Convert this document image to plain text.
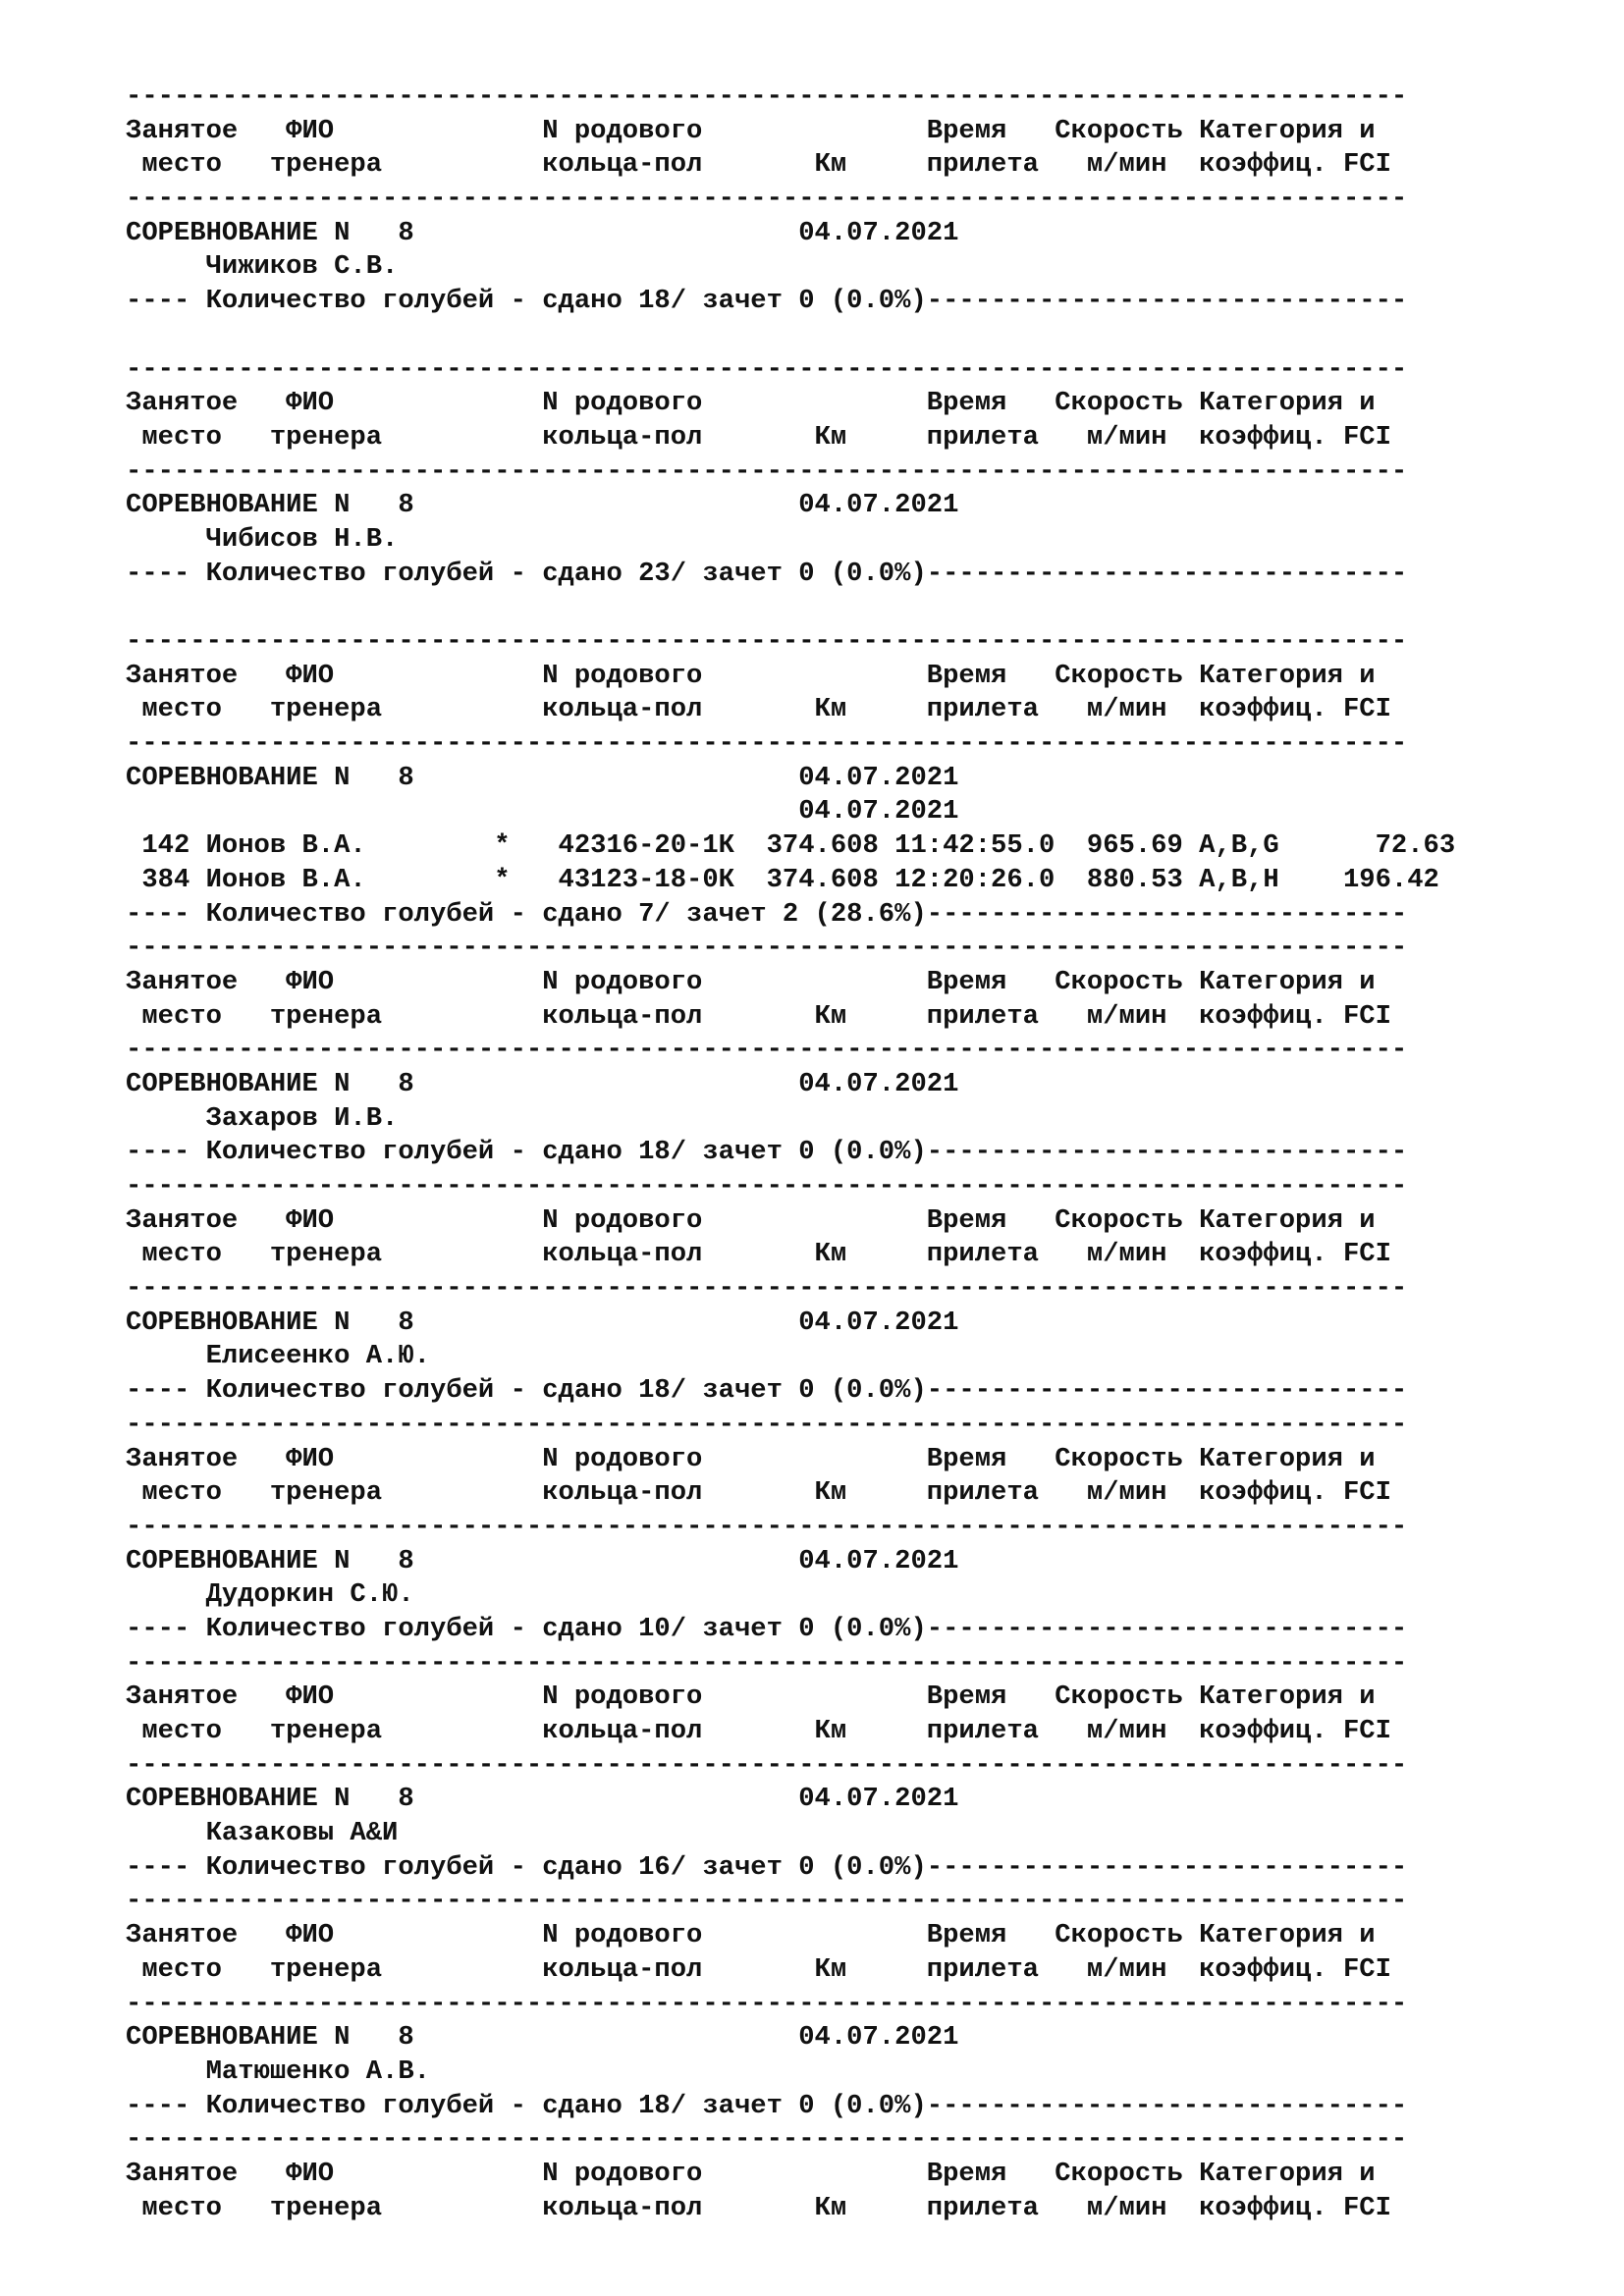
--------------------------------------------------------------------------------
Занятое   ФИО             N родового              Время   Скорость Категория и
место   тренера          кольца-пол       Км     прилета   м/мин  коэффиц. FCI
--------------------------------------------------------------------------------
СОРЕВНОВАНИЕ N   8                        04.07.2021
Чижиков С.В.
---- Количество голубей - сдано 18/ зачет 0 (0.0%)------------------------------
--------------------------------------------------------------------------------
Занятое   ФИО             N родового              Время   Скорость Категория и
место   тренера          кольца-пол       Км     прилета   м/мин  коэффиц. FCI
--------------------------------------------------------------------------------
СОРЕВНОВАНИЕ N   8                        04.07.2021
Чибисов Н.В.
---- Количество голубей - сдано 23/ зачет 0 (0.0%)------------------------------
--------------------------------------------------------------------------------
Занятое   ФИО             N родового              Время   Скорость Категория и
место   тренера          кольца-пол       Км     прилета   м/мин  коэффиц. FCI
--------------------------------------------------------------------------------
СОРЕВНОВАНИЕ N   8                        04.07.2021
04.07.2021
142 Ионов В.А.        *   42316-20-1К  374.608 11:42:55.0  965.69 А,В,G      72.63
384 Ионов В.А.        *   43123-18-0К  374.608 12:20:26.0  880.53 А,В,Н    196.42
---- Количество голубей - сдано 7/ зачет 2 (28.6%)------------------------------
--------------------------------------------------------------------------------
Занятое   ФИО             N родового              Время   Скорость Категория и
место   тренера          кольца-пол       Км     прилета   м/мин  коэффиц. FCI
--------------------------------------------------------------------------------
СОРЕВНОВАНИЕ N   8                        04.07.2021
Захаров И.В.
---- Количество голубей - сдано 18/ зачет 0 (0.0%)------------------------------
--------------------------------------------------------------------------------
Занятое   ФИО             N родового              Время   Скорость Категория и
место   тренера          кольца-пол       Км     прилета   м/мин  коэффиц. FCI
--------------------------------------------------------------------------------
СОРЕВНОВАНИЕ N   8                        04.07.2021
Елисеенко А.Ю.
---- Количество голубей - сдано 18/ зачет 0 (0.0%)------------------------------
--------------------------------------------------------------------------------
Занятое   ФИО             N родового              Время   Скорость Категория и
место   тренера          кольца-пол       Км     прилета   м/мин  коэффиц. FCI
--------------------------------------------------------------------------------
СОРЕВНОВАНИЕ N   8                        04.07.2021
Дудоркин С.Ю.
---- Количество голубей - сдано 10/ зачет 0 (0.0%)------------------------------
--------------------------------------------------------------------------------
Занятое   ФИО             N родового              Время   Скорость Категория и
место   тренера          кольца-пол       Км     прилета   м/мин  коэффиц. FCI
--------------------------------------------------------------------------------
СОРЕВНОВАНИЕ N   8                        04.07.2021
Казаковы А&И
---- Количество голубей - сдано 16/ зачет 0 (0.0%)------------------------------
--------------------------------------------------------------------------------
Занятое   ФИО             N родового              Время   Скорость Категория и
место   тренера          кольца-пол       Км     прилета   м/мин  коэффиц. FCI
--------------------------------------------------------------------------------
СОРЕВНОВАНИЕ N   8                        04.07.2021
Матюшенко А.В.
---- Количество голубей - сдано 18/ зачет 0 (0.0%)------------------------------
--------------------------------------------------------------------------------
Занятое   ФИО             N родового              Время   Скорость Категория и
место   тренера          кольца-пол       Км     прилета   м/мин  коэффиц. FCI
